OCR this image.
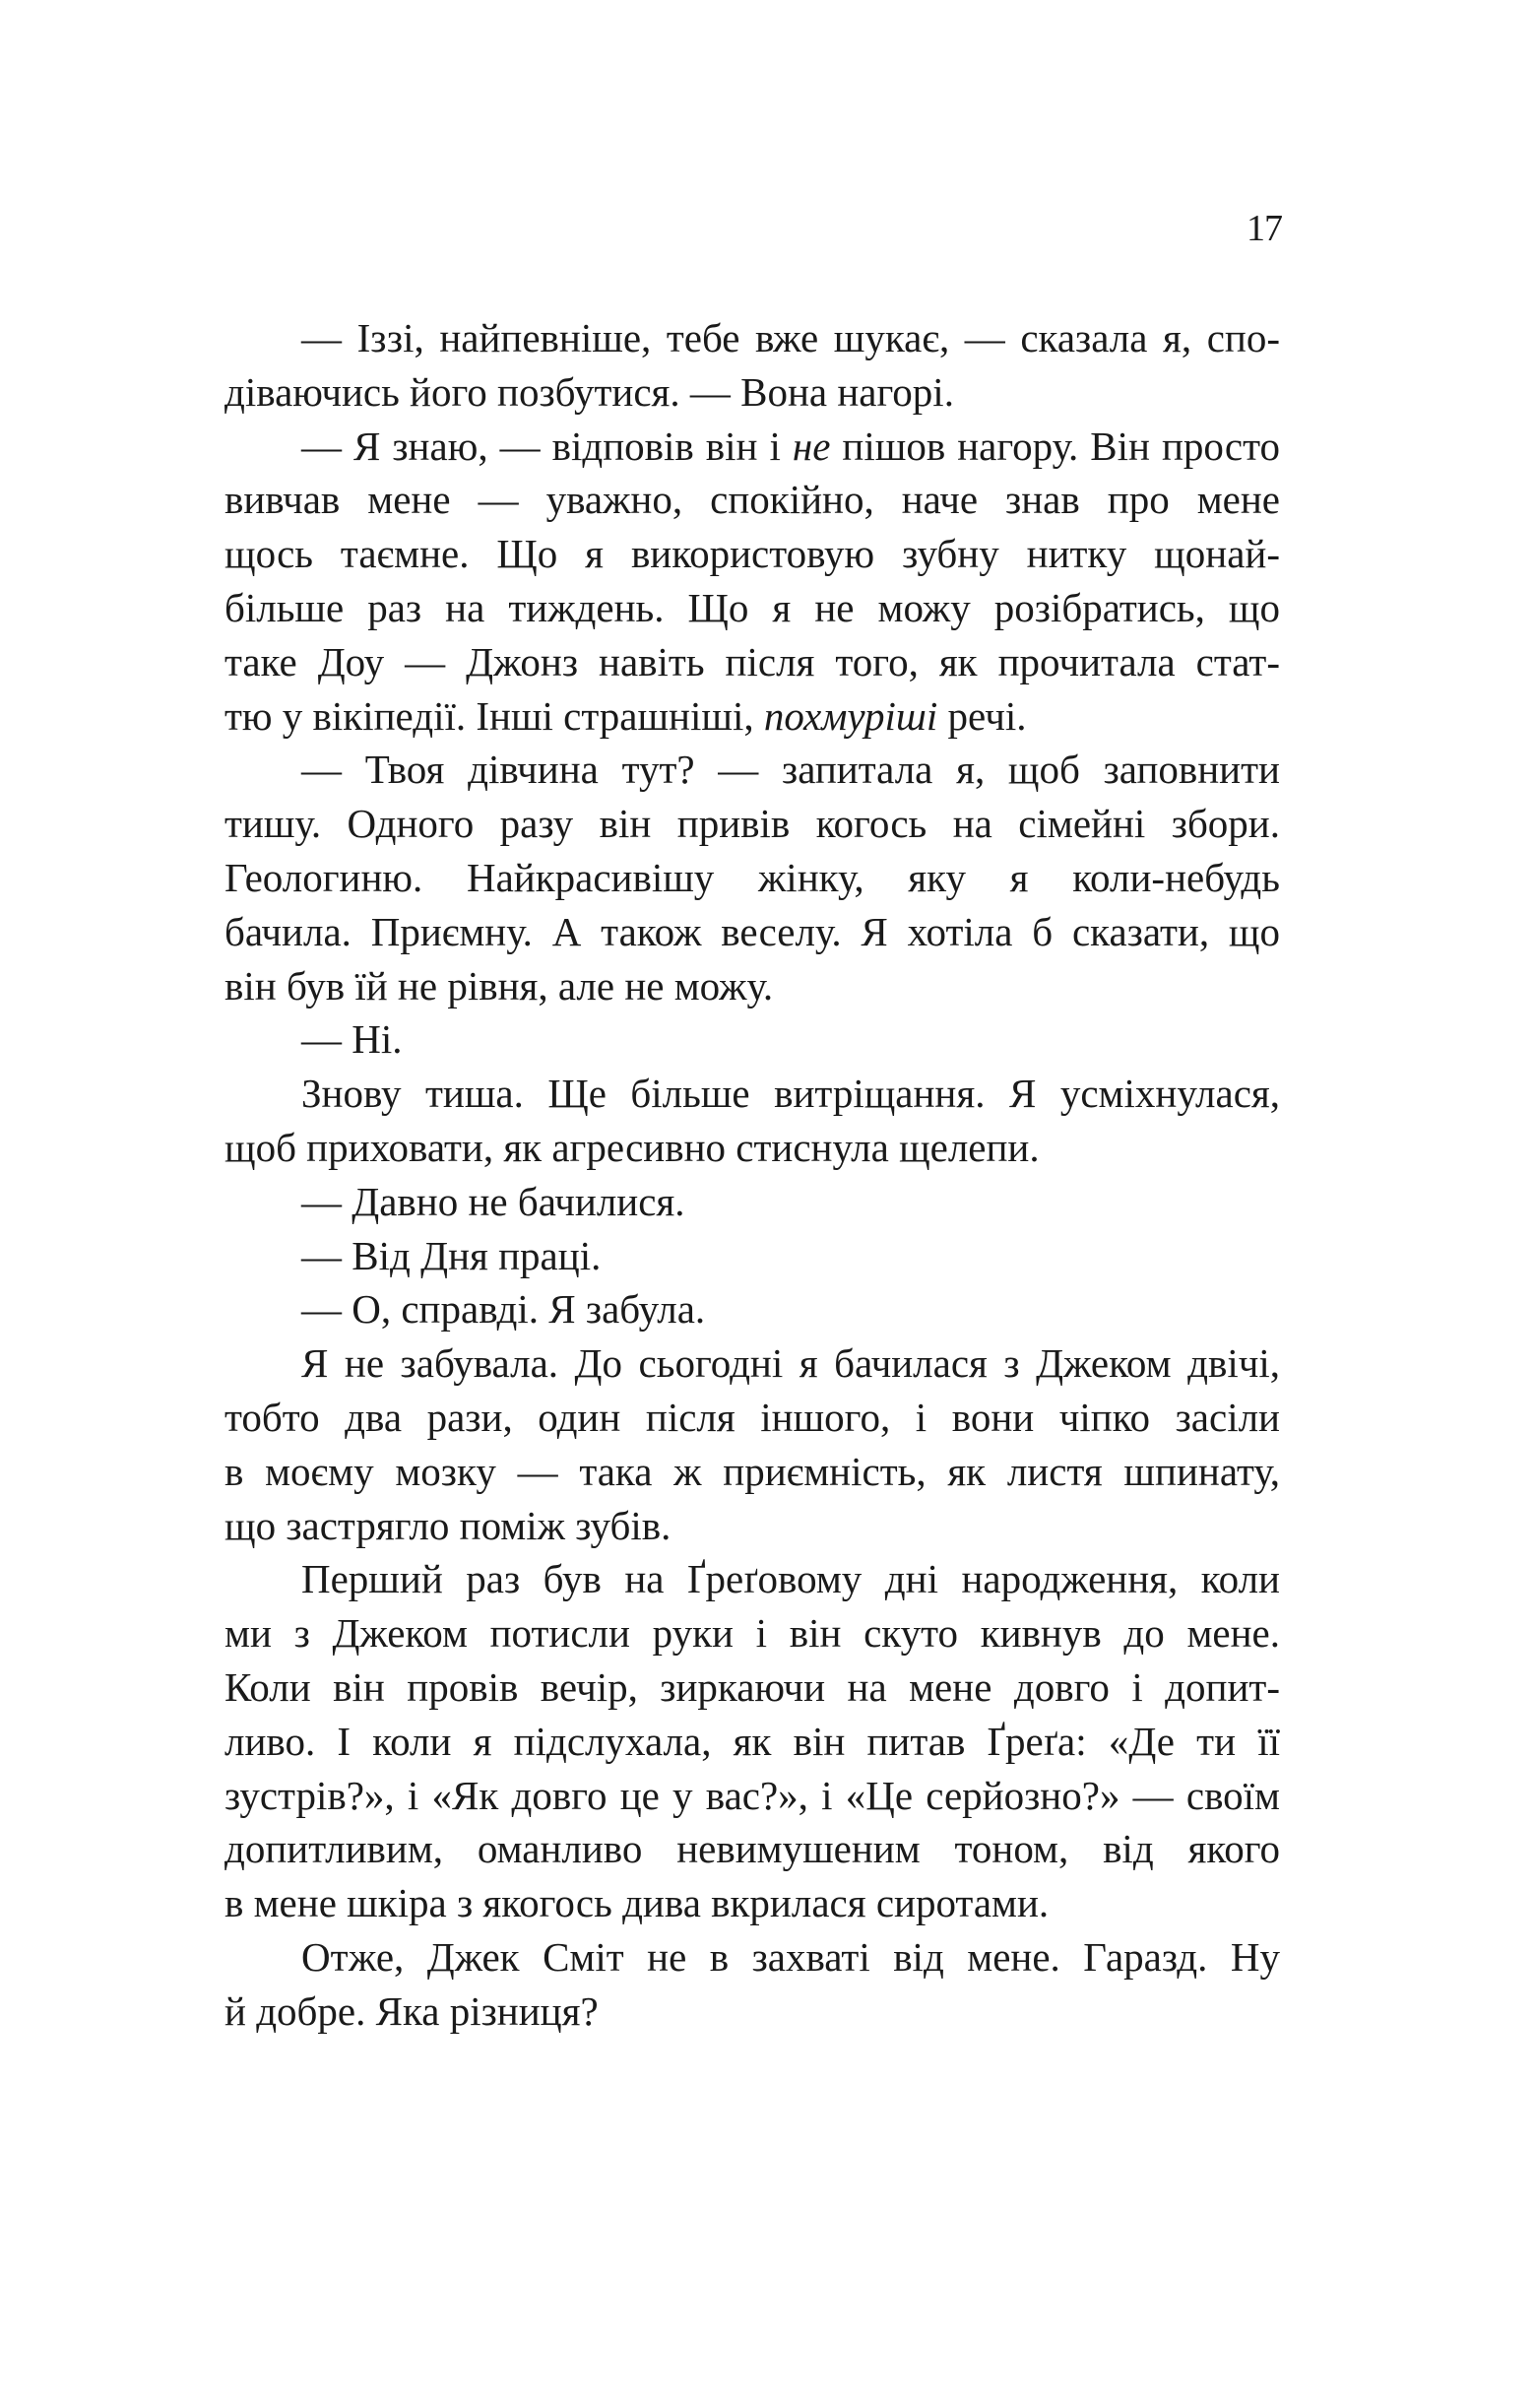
17
— Іззі, найпевніше, тебе вже шукає, — сказала я, спо-
діваючись його позбутися. — Вона нагорі.
— Я знаю, — відповів він і не пішов нагору. Він просто
вивчав мене — уважно, спокійно, наче знав про мене
щось таємне. Що я використовую зубну нитку щонай-
більше раз на тиждень. Що я не можу розібратись, що
таке Доу — Джонз навіть після того, як прочитала стат-
тю у вікіпедії. Інші страшніші, похмуріші речі.
— Твоя дівчина тут? — запитала я, щоб заповнити
тишу. Одного разу він привів когось на сімейні збори.
Геологиню. Найкрасивішу жінку, яку я коли-небудь
бачила. Приємну. А також веселу. Я хотіла б сказати, що
він був їй не рівня, але не можу.
— Ні.
Знову тиша. Ще більше витріщання. Я усміхнулася,
щоб приховати, як агресивно стиснула щелепи.
— Давно не бачилися.
— Від Дня праці.
— О, справді. Я забула.
Я не забувала. До сьогодні я бачилася з Джеком двічі,
тобто два рази, один після іншого, і вони чіпко засіли
в моєму мозку — така ж приємність, як листя шпинату,
що застрягло поміж зубів.
Перший раз був на Ґреґовому дні народження, коли
ми з Джеком потисли руки і він скуто кивнув до мене.
Коли він провів вечір, зиркаючи на мене довго і допит-
ливо. І коли я підслухала, як він питав Ґреґа: «Де ти її
зустрів?», і «Як довго це у вас?», і «Це серйозно?» — своїм
допитливим, оманливо невимушеним тоном, від якого
в мене шкіра з якогось дива вкрилася сиротами.
Отже, Джек Сміт не в захваті від мене. Гаразд. Ну
й добре. Яка різниця?
